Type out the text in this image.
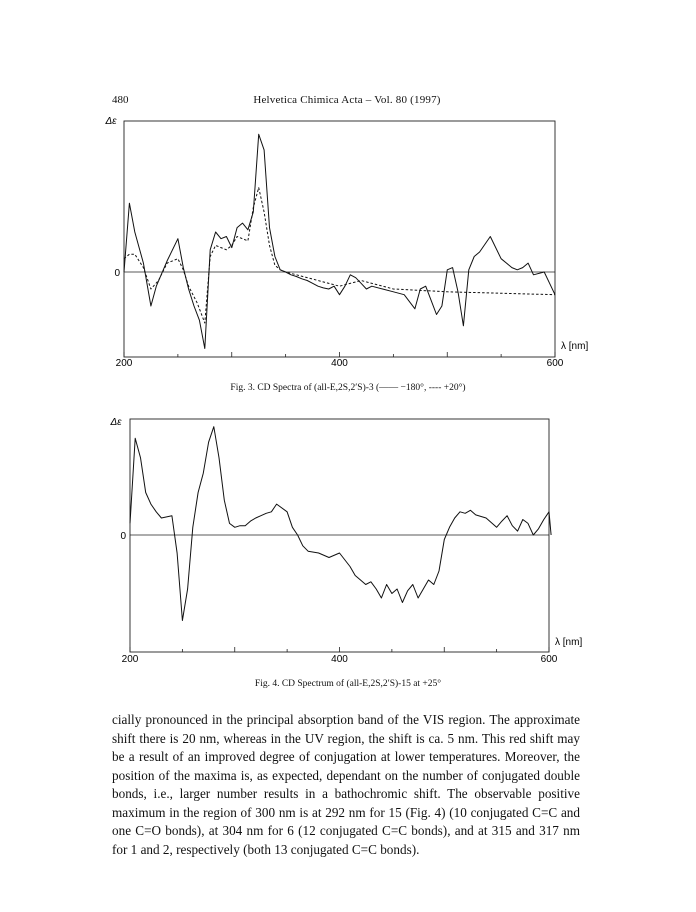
480	Helvetica Chimica Acta – Vol. 80 (1997)
200	400	600
0
Δε
λ [nm]
Fig. 3. CD Spectra of (all-E,2S,2′S)-3 (—— −180°, ---- +20°)
200	400	600
0
Δε
λ [nm]
Fig. 4. CD Spectrum of (all-E,2S,2′S)-15 at +25°

cially pronounced in the principal absorption band of the VIS region. The approximate shift there is 20 nm, whereas in the UV region, the shift is ca. 5 nm. This red shift may be a result of an improved degree of conjugation at lower temperatures. Moreover, the position of the maxima is, as expected, dependant on the number of conjugated double bonds, i.e., larger number results in a bathochromic shift. The observable positive maximum in the region of 300 nm is at 292 nm for 15 (Fig. 4) (10 conjugated C=C and one C=O bonds), at 304 nm for 6 (12 conjugated C=C bonds), and at 315 and 317 nm for 1 and 2, respectively (both 13 conjugated C=C bonds).
